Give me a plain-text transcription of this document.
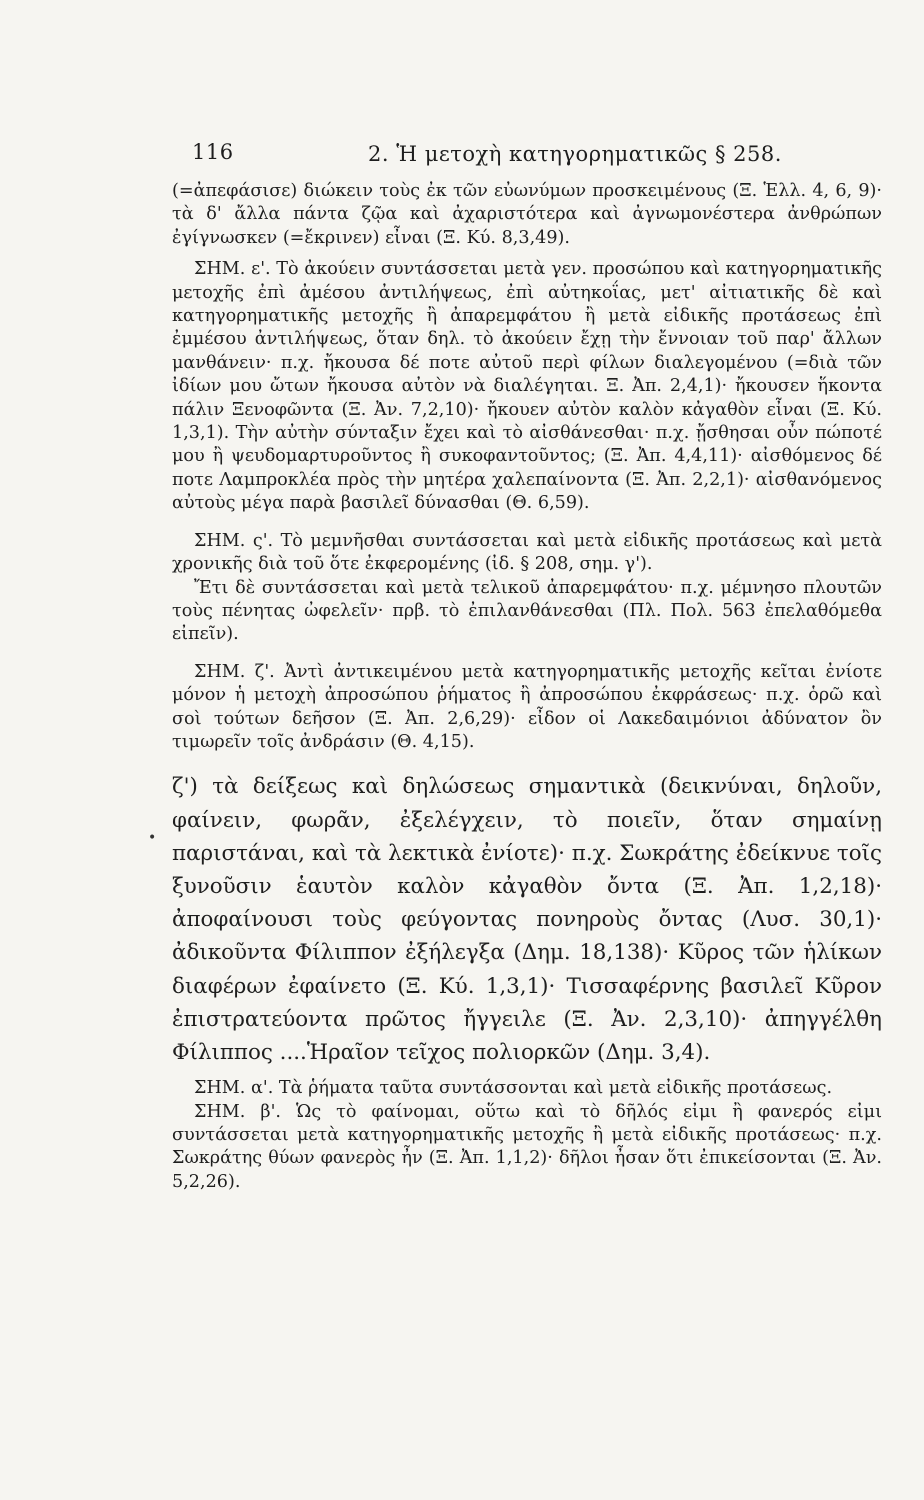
116	2. Ἡ μετοχὴ κατηγορηματικῶς § 258.
•

(=ἀπεφάσισε) διώκειν τοὺς ἐκ τῶν εὐωνύμων προσκειμένους (Ξ. Ἑλλ. 4, 6, 9)· τὰ δ' ἄλλα πάντα ζῷα καὶ ἀχαριστότερα καὶ ἀγνωμονέστερα ἀνθρώπων ἐγίγνωσκεν (=ἔκρινεν) εἶναι (Ξ. Κύ. 8,3,49).

ΣΗΜ. ε'. Τὸ ἀκούειν συντάσσεται μετὰ γεν. προσώπου καὶ κατηγορηματικῆς μετοχῆς ἐπὶ ἀμέσου ἀντιλήψεως, ἐπὶ αὐτηκοΐας, μετ' αἰτιατικῆς δὲ καὶ κατηγορηματικῆς μετοχῆς ἢ ἀπαρεμφάτου ἢ μετὰ εἰδικῆς προτάσεως ἐπὶ ἐμμέσου ἀντιλήψεως, ὅταν δηλ. τὸ ἀκούειν ἔχῃ τὴν ἔννοιαν τοῦ παρ' ἄλλων μανθάνειν· π.χ. ἤκουσα δέ ποτε αὐτοῦ περὶ φίλων διαλεγομένου (=διὰ τῶν ἰδίων μου ὤτων ἤκουσα αὐτὸν νὰ διαλέγηται. Ξ. Ἀπ. 2,4,1)· ἤκουσεν ἥκοντα πάλιν Ξενοφῶντα (Ξ. Ἀν. 7,2,10)· ἤκουεν αὐτὸν καλὸν κἀγαθὸν εἶναι (Ξ. Κύ. 1,3,1). Τὴν αὐτὴν σύνταξιν ἔχει καὶ τὸ αἰσθάνεσθαι· π.χ. ᾔσθησαι οὖν πώποτέ μου ἢ ψευδομαρτυροῦντος ἢ συκοφαντοῦντος; (Ξ. Ἀπ. 4,4,11)· αἰσθόμενος δέ ποτε Λαμπροκλέα πρὸς τὴν μητέρα χαλεπαίνοντα (Ξ. Ἀπ. 2,2,1)· αἰσθανόμενος αὐτοὺς μέγα παρὰ βασιλεῖ δύνασθαι (Θ. 6,59).

ΣΗΜ. ς'. Τὸ μεμνῆσθαι συντάσσεται καὶ μετὰ εἰδικῆς προτάσεως καὶ μετὰ χρονικῆς διὰ τοῦ ὅτε ἐκφερομένης (ἰδ. § 208, σημ. γ').

Ἔτι δὲ συντάσσεται καὶ μετὰ τελικοῦ ἀπαρεμφάτου· π.χ. μέμνησο πλουτῶν τοὺς πένητας ὠφελεῖν· πρβ. τὸ ἐπιλανθάνεσθαι (Πλ. Πολ. 563 ἐπελαθόμεθα εἰπεῖν).

ΣΗΜ. ζ'. Ἀντὶ ἀντικειμένου μετὰ κατηγορηματικῆς μετοχῆς κεῖται ἐνίοτε μόνον ἡ μετοχὴ ἀπροσώπου ῥήματος ἢ ἀπροσώπου ἐκφράσεως· π.χ. ὁρῶ καὶ σοὶ τούτων δεῆσον (Ξ. Ἀπ. 2,6,29)· εἶδον οἱ Λακεδαιμόνιοι ἀδύνατον ὂν τιμωρεῖν τοῖς ἀνδράσιν (Θ. 4,15).

ζ') τὰ δείξεως καὶ δηλώσεως σημαντικὰ (δεικνύναι, δηλοῦν, φαίνειν, φωρᾶν, ἐξελέγχειν, τὸ ποιεῖν, ὅταν σημαίνῃ παριστάναι, καὶ τὰ λεκτικὰ ἐνίοτε)· π.χ. Σωκράτης ἐδείκνυε τοῖς ξυνοῦσιν ἑαυτὸν καλὸν κἀγαθὸν ὄντα (Ξ. Ἀπ. 1,2,18)· ἀποφαίνουσι τοὺς φεύγοντας πονηροὺς ὄντας (Λυσ. 30,1)· ἀδικοῦντα Φίλιππον ἐξήλεγξα (Δημ. 18,138)· Κῦρος τῶν ἡλίκων διαφέρων ἐφαίνετο (Ξ. Κύ. 1,3,1)· Τισσαφέρνης βασιλεῖ Κῦρον ἐπιστρατεύοντα πρῶτος ἤγγειλε (Ξ. Ἀν. 2,3,10)· ἀπηγγέλθη Φίλιππος ....Ἡραῖον τεῖχος πολιορκῶν (Δημ. 3,4).

ΣΗΜ. α'. Τὰ ῥήματα ταῦτα συντάσσονται καὶ μετὰ εἰδικῆς προτάσεως.

ΣΗΜ. β'. Ὡς τὸ φαίνομαι, οὕτω καὶ τὸ δῆλός εἰμι ἢ φανερός εἰμι συντάσσεται μετὰ κατηγορηματικῆς μετοχῆς ἢ μετὰ εἰδικῆς προτάσεως· π.χ. Σωκράτης θύων φανερὸς ἦν (Ξ. Ἀπ. 1,1,2)· δῆλοι ἦσαν ὅτι ἐπικείσονται (Ξ. Ἀν. 5,2,26).
